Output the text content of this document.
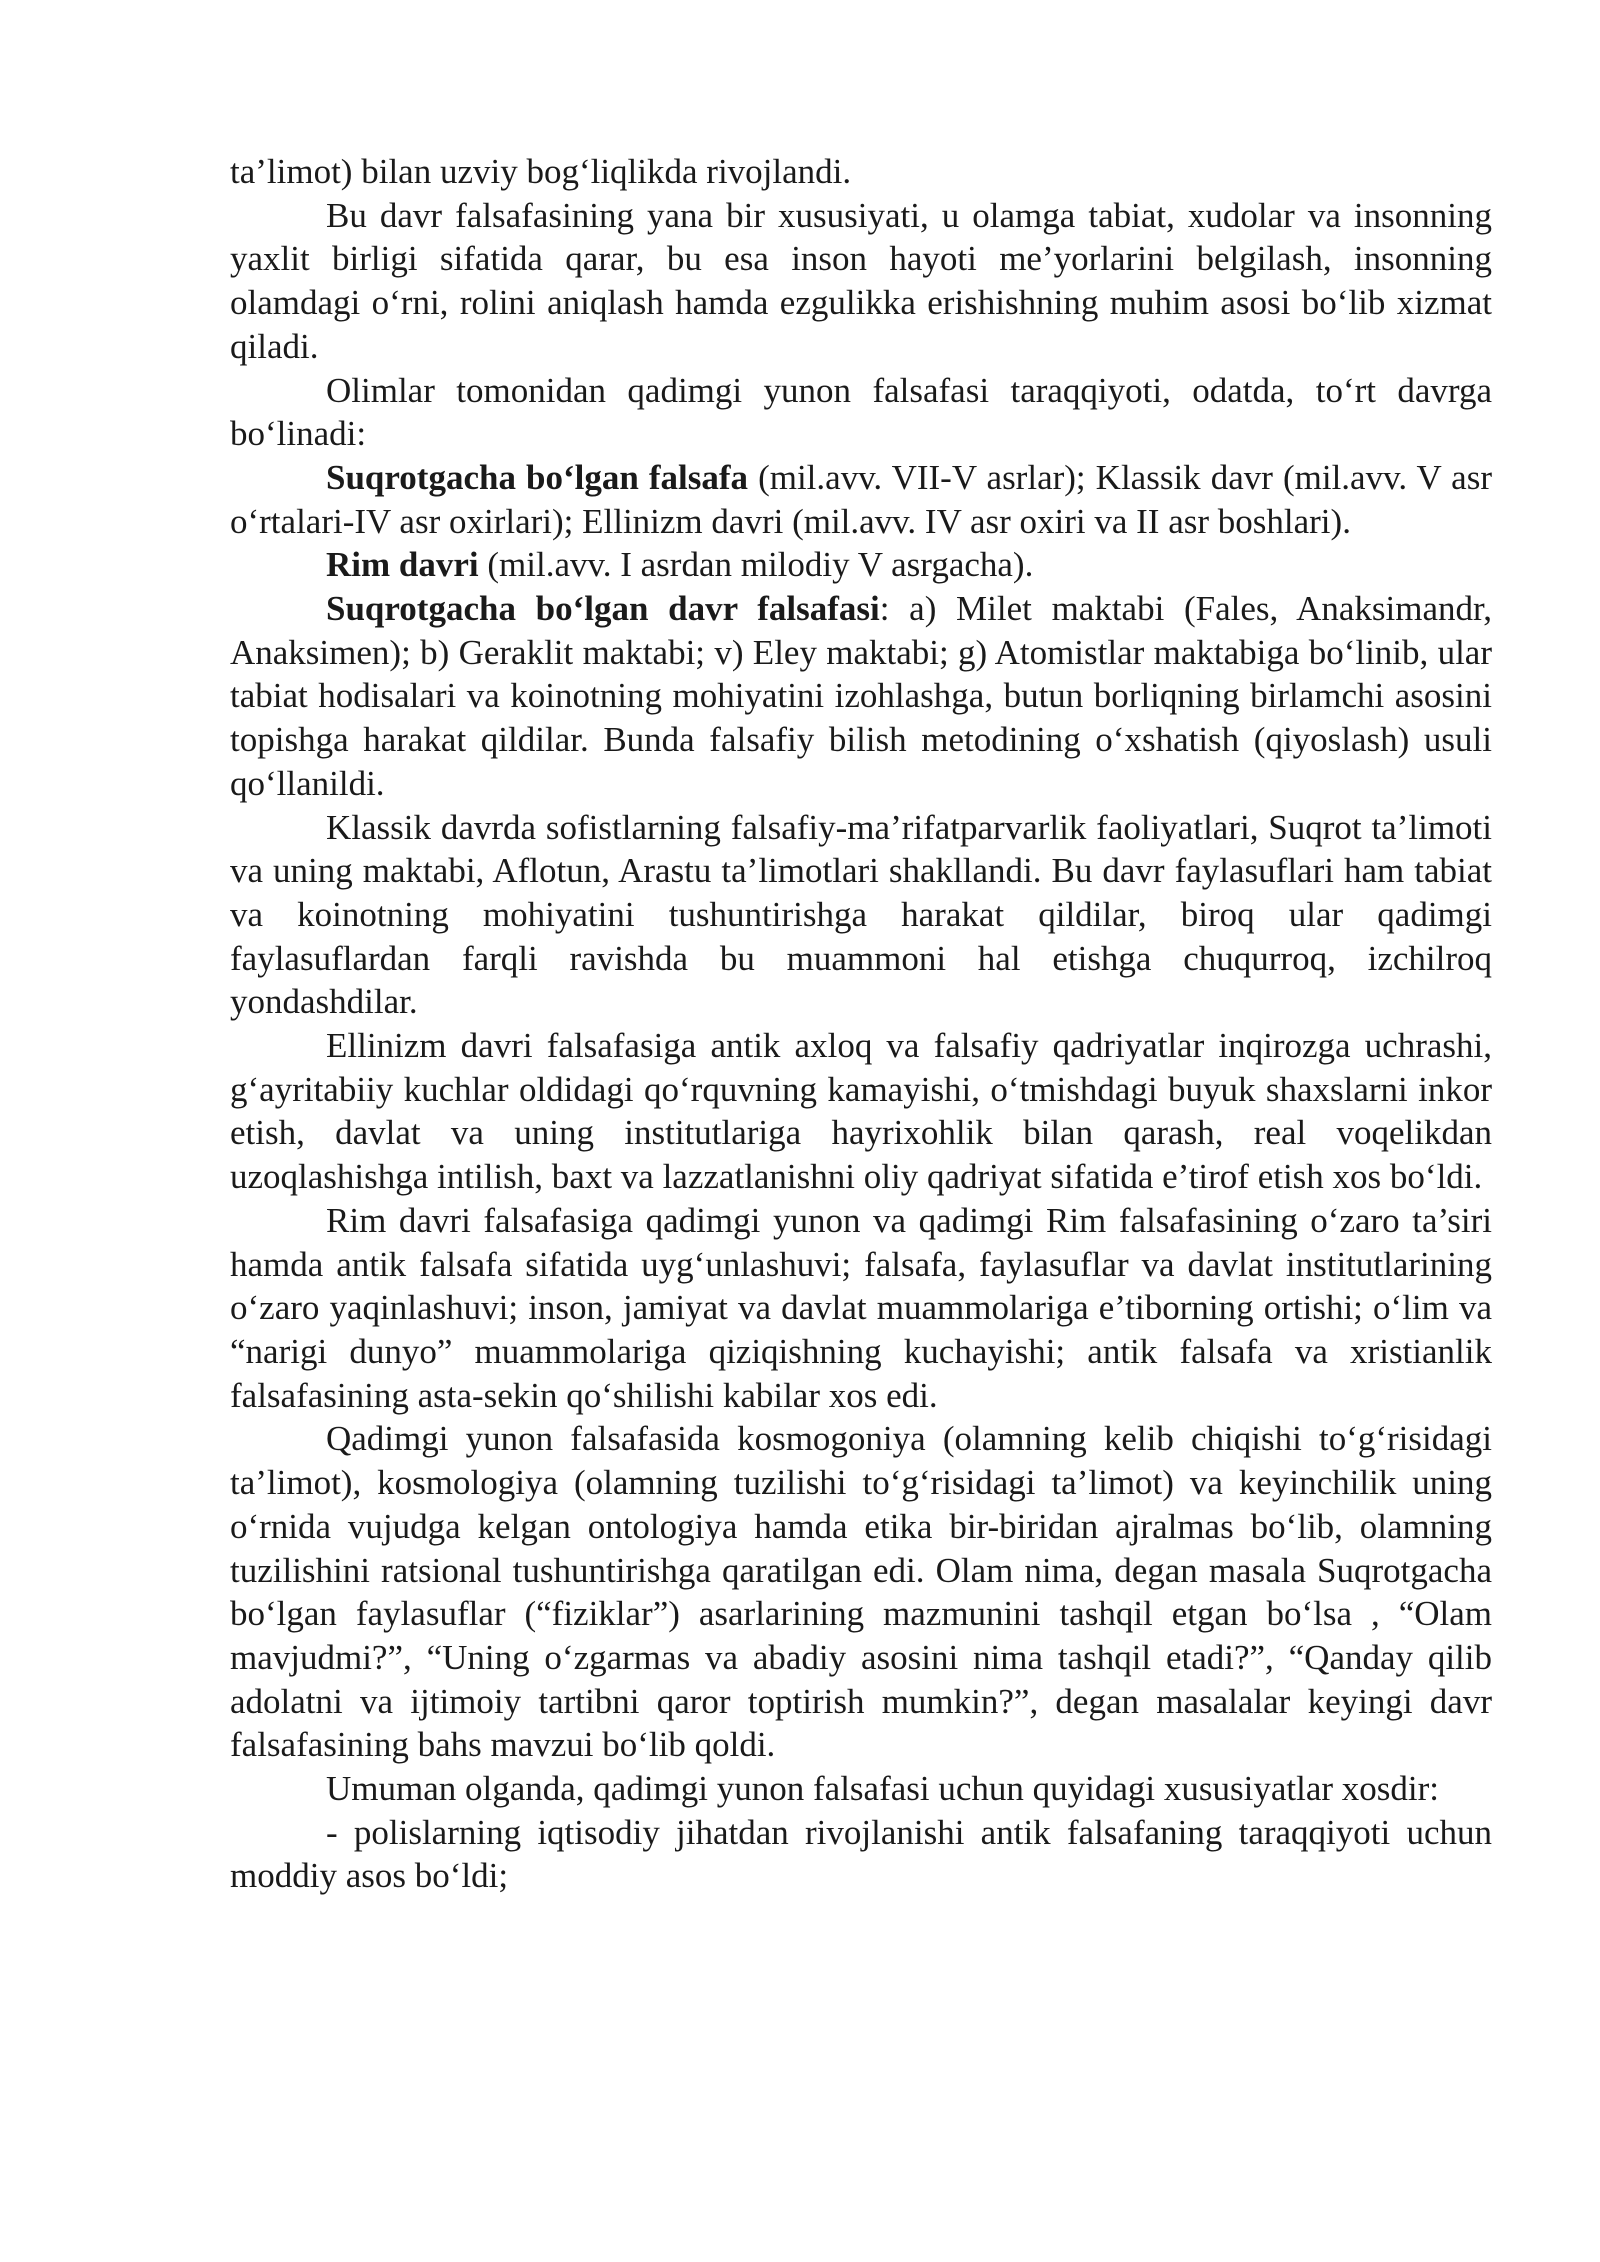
ta’limot) bilan uzviy bog‘liqlikda rivojlandi.

Bu davr falsafasining yana bir xususiyati, u olamga tabiat, xudolar va insonning yaxlit birligi sifatida qarar, bu esa inson hayoti me’yorlarini belgilash, insonning olamdagi o‘rni, rolini aniqlash hamda ezgulikka erishishning muhim asosi bo‘lib xizmat qiladi.

Olimlar tomonidan qadimgi yunon falsafasi taraqqiyoti, odatda, to‘rt davrga bo‘linadi:

Suqrotgacha bo‘lgan falsafa (mil.avv. VII-V asrlar); Klassik davr (mil.avv. V asr o‘rtalari-IV asr oxirlari); Ellinizm davri (mil.avv. IV asr oxiri va II asr boshlari).

Rim davri (mil.avv. I asrdan milodiy V asrgacha).

Suqrotgacha bo‘lgan davr falsafasi: a) Milet maktabi (Fales, Anaksimandr, Anaksimen); b) Geraklit maktabi; v) Eley maktabi; g) Atomistlar maktabiga bo‘linib, ular tabiat hodisalari va koinotning mohiyatini izohlashga, butun borliqning birlamchi asosini topishga harakat qildilar. Bunda falsafiy bilish metodining o‘xshatish (qiyoslash) usuli qo‘llanildi.

Klassik davrda sofistlarning falsafiy-ma’rifatparvarlik faoliyatlari, Suqrot ta’limoti va uning maktabi, Aflotun, Arastu ta’limotlari shakllandi. Bu davr faylasuflari ham tabiat va koinotning mohiyatini tushuntirishga harakat qildilar, biroq ular qadimgi faylasuflardan farqli ravishda bu muammoni hal etishga chuqurroq, izchilroq yondashdilar.

Ellinizm davri falsafasiga antik axloq va falsafiy qadriyatlar inqirozga uchrashi, g‘ayritabiiy kuchlar oldidagi qo‘rquvning kamayishi, o‘tmishdagi buyuk shaxslarni inkor etish, davlat va uning institutlariga hayrixohlik bilan qarash, real voqelikdan uzoqlashishga intilish, baxt va lazzatlanishni oliy qadriyat sifatida e’tirof etish xos bo‘ldi.

Rim davri falsafasiga qadimgi yunon va qadimgi Rim falsafasining o‘zaro ta’siri hamda antik falsafa sifatida uyg‘unlashuvi; falsafa, faylasuflar va davlat institutlarining o‘zaro yaqinlashuvi; inson, jamiyat va davlat muammolariga e’tiborning ortishi; o‘lim va “narigi dunyo” muammolariga qiziqishning kuchayishi; antik falsafa va xristianlik falsafasining asta-sekin qo‘shilishi kabilar xos edi.

Qadimgi yunon falsafasida kosmogoniya (olamning kelib chiqishi to‘g‘risidagi ta’limot), kosmologiya (olamning tuzilishi to‘g‘risidagi ta’limot) va keyinchilik uning o‘rnida vujudga kelgan ontologiya hamda etika bir-biridan ajralmas bo‘lib, olamning tuzilishini ratsional tushuntirishga qaratilgan edi. Olam nima, degan masala Suqrotgacha bo‘lgan faylasuflar (“fiziklar”) asarlarining mazmunini tashqil etgan bo‘lsa , “Olam mavjudmi?”, “Uning o‘zgarmas va abadiy asosini nima tashqil etadi?”, “Qanday qilib adolatni va ijtimoiy tartibni qaror toptirish mumkin?”, degan masalalar keyingi davr falsafasining bahs mavzui bo‘lib qoldi.

Umuman olganda, qadimgi yunon falsafasi uchun quyidagi xususiyatlar xosdir:

- polislarning iqtisodiy jihatdan rivojlanishi antik falsafaning taraqqiyoti uchun moddiy asos bo‘ldi;
